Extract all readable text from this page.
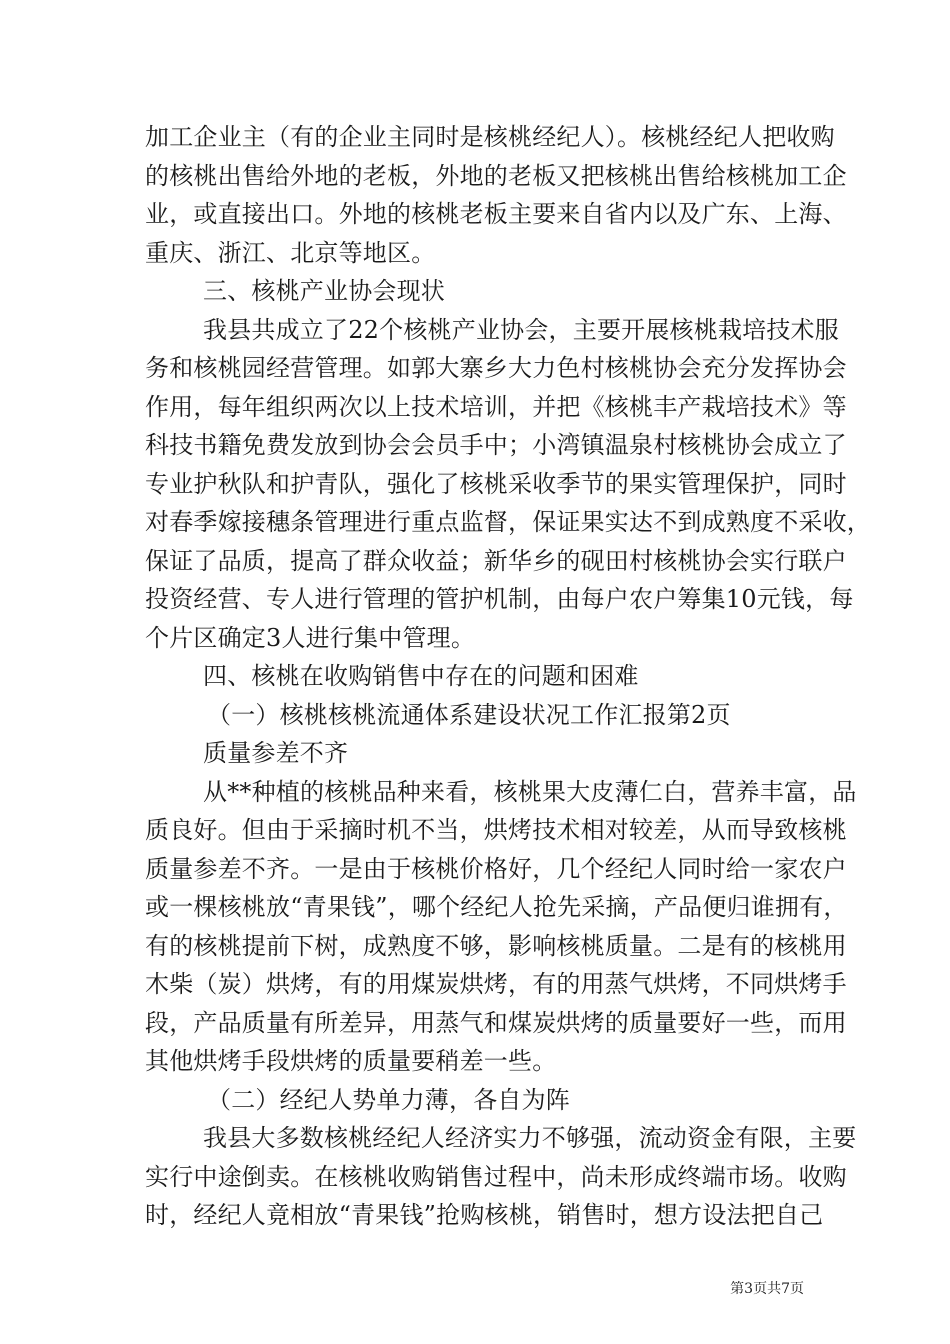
加工企业主（有的企业主同时是核桃经纪人）。核桃经纪人把收购
的核桃出售给外地的老板，外地的老板又把核桃出售给核桃加工企
业，或直接出口。外地的核桃老板主要来自省内以及广东、上海、
重庆、浙江、北京等地区。
三、核桃产业协会现状
我县共成立了22个核桃产业协会，主要开展核桃栽培技术服
务和核桃园经营管理。如郭大寨乡大力色村核桃协会充分发挥协会
作用，每年组织两次以上技术培训，并把《核桃丰产栽培技术》等
科技书籍免费发放到协会会员手中；小湾镇温泉村核桃协会成立了
专业护秋队和护青队，强化了核桃采收季节的果实管理保护，同时
对春季嫁接穗条管理进行重点监督，保证果实达不到成熟度不采收，
保证了品质，提高了群众收益；新华乡的砚田村核桃协会实行联户
投资经营、专人进行管理的管护机制，由每户农户筹集10元钱，每
个片区确定3人进行集中管理。
四、核桃在收购销售中存在的问题和困难
（一）核桃核桃流通体系建设状况工作汇报第2页
质量参差不齐
从**种植的核桃品种来看，核桃果大皮薄仁白，营养丰富，品
质良好。但由于采摘时机不当，烘烤技术相对较差，从而导致核桃
质量参差不齐。一是由于核桃价格好，几个经纪人同时给一家农户
或一棵核桃放“青果钱”，哪个经纪人抢先采摘，产品便归谁拥有，
有的核桃提前下树，成熟度不够，影响核桃质量。二是有的核桃用
木柴（炭）烘烤，有的用煤炭烘烤，有的用蒸气烘烤，不同烘烤手
段，产品质量有所差异，用蒸气和煤炭烘烤的质量要好一些，而用
其他烘烤手段烘烤的质量要稍差一些。
（二）经纪人势单力薄，各自为阵
我县大多数核桃经纪人经济实力不够强，流动资金有限，主要
实行中途倒卖。在核桃收购销售过程中，尚未形成终端市场。收购
时，经纪人竟相放“青果钱”抢购核桃，销售时，想方设法把自己
第3页共7页
